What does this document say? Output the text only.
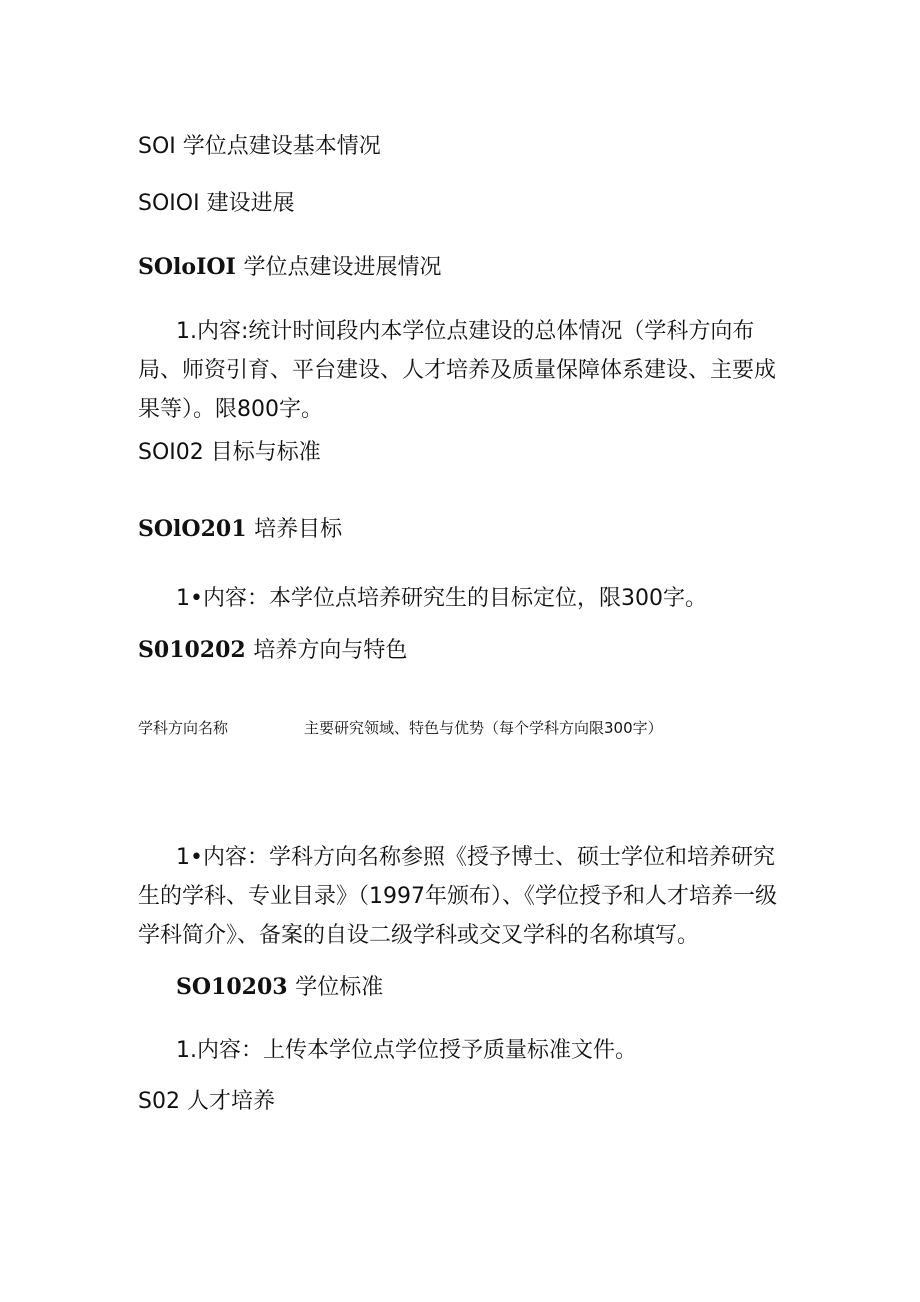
SOI 学位点建设基本情况
SOIOI 建设进展
SOloIOI 学位点建设进展情况
1.内容:统计时间段内本学位点建设的总体情况（学科方向布局、师资引育、平台建设、人才培养及质量保障体系建设、主要成果等）。限800字。
SOI02 目标与标准
SOlO201 培养目标
1•内容：本学位点培养研究生的目标定位，限300字。
S010202 培养方向与特色
学科方向名称	主要研究领域、特色与优势（每个学科方向限300字）
1•内容：学科方向名称参照《授予博士、硕士学位和培养研究生的学科、专业目录》（1997年颁布）、《学位授予和人才培养一级学科简介》、备案的自设二级学科或交叉学科的名称填写。
SO10203 学位标准
1.内容：上传本学位点学位授予质量标准文件。
S02 人才培养
